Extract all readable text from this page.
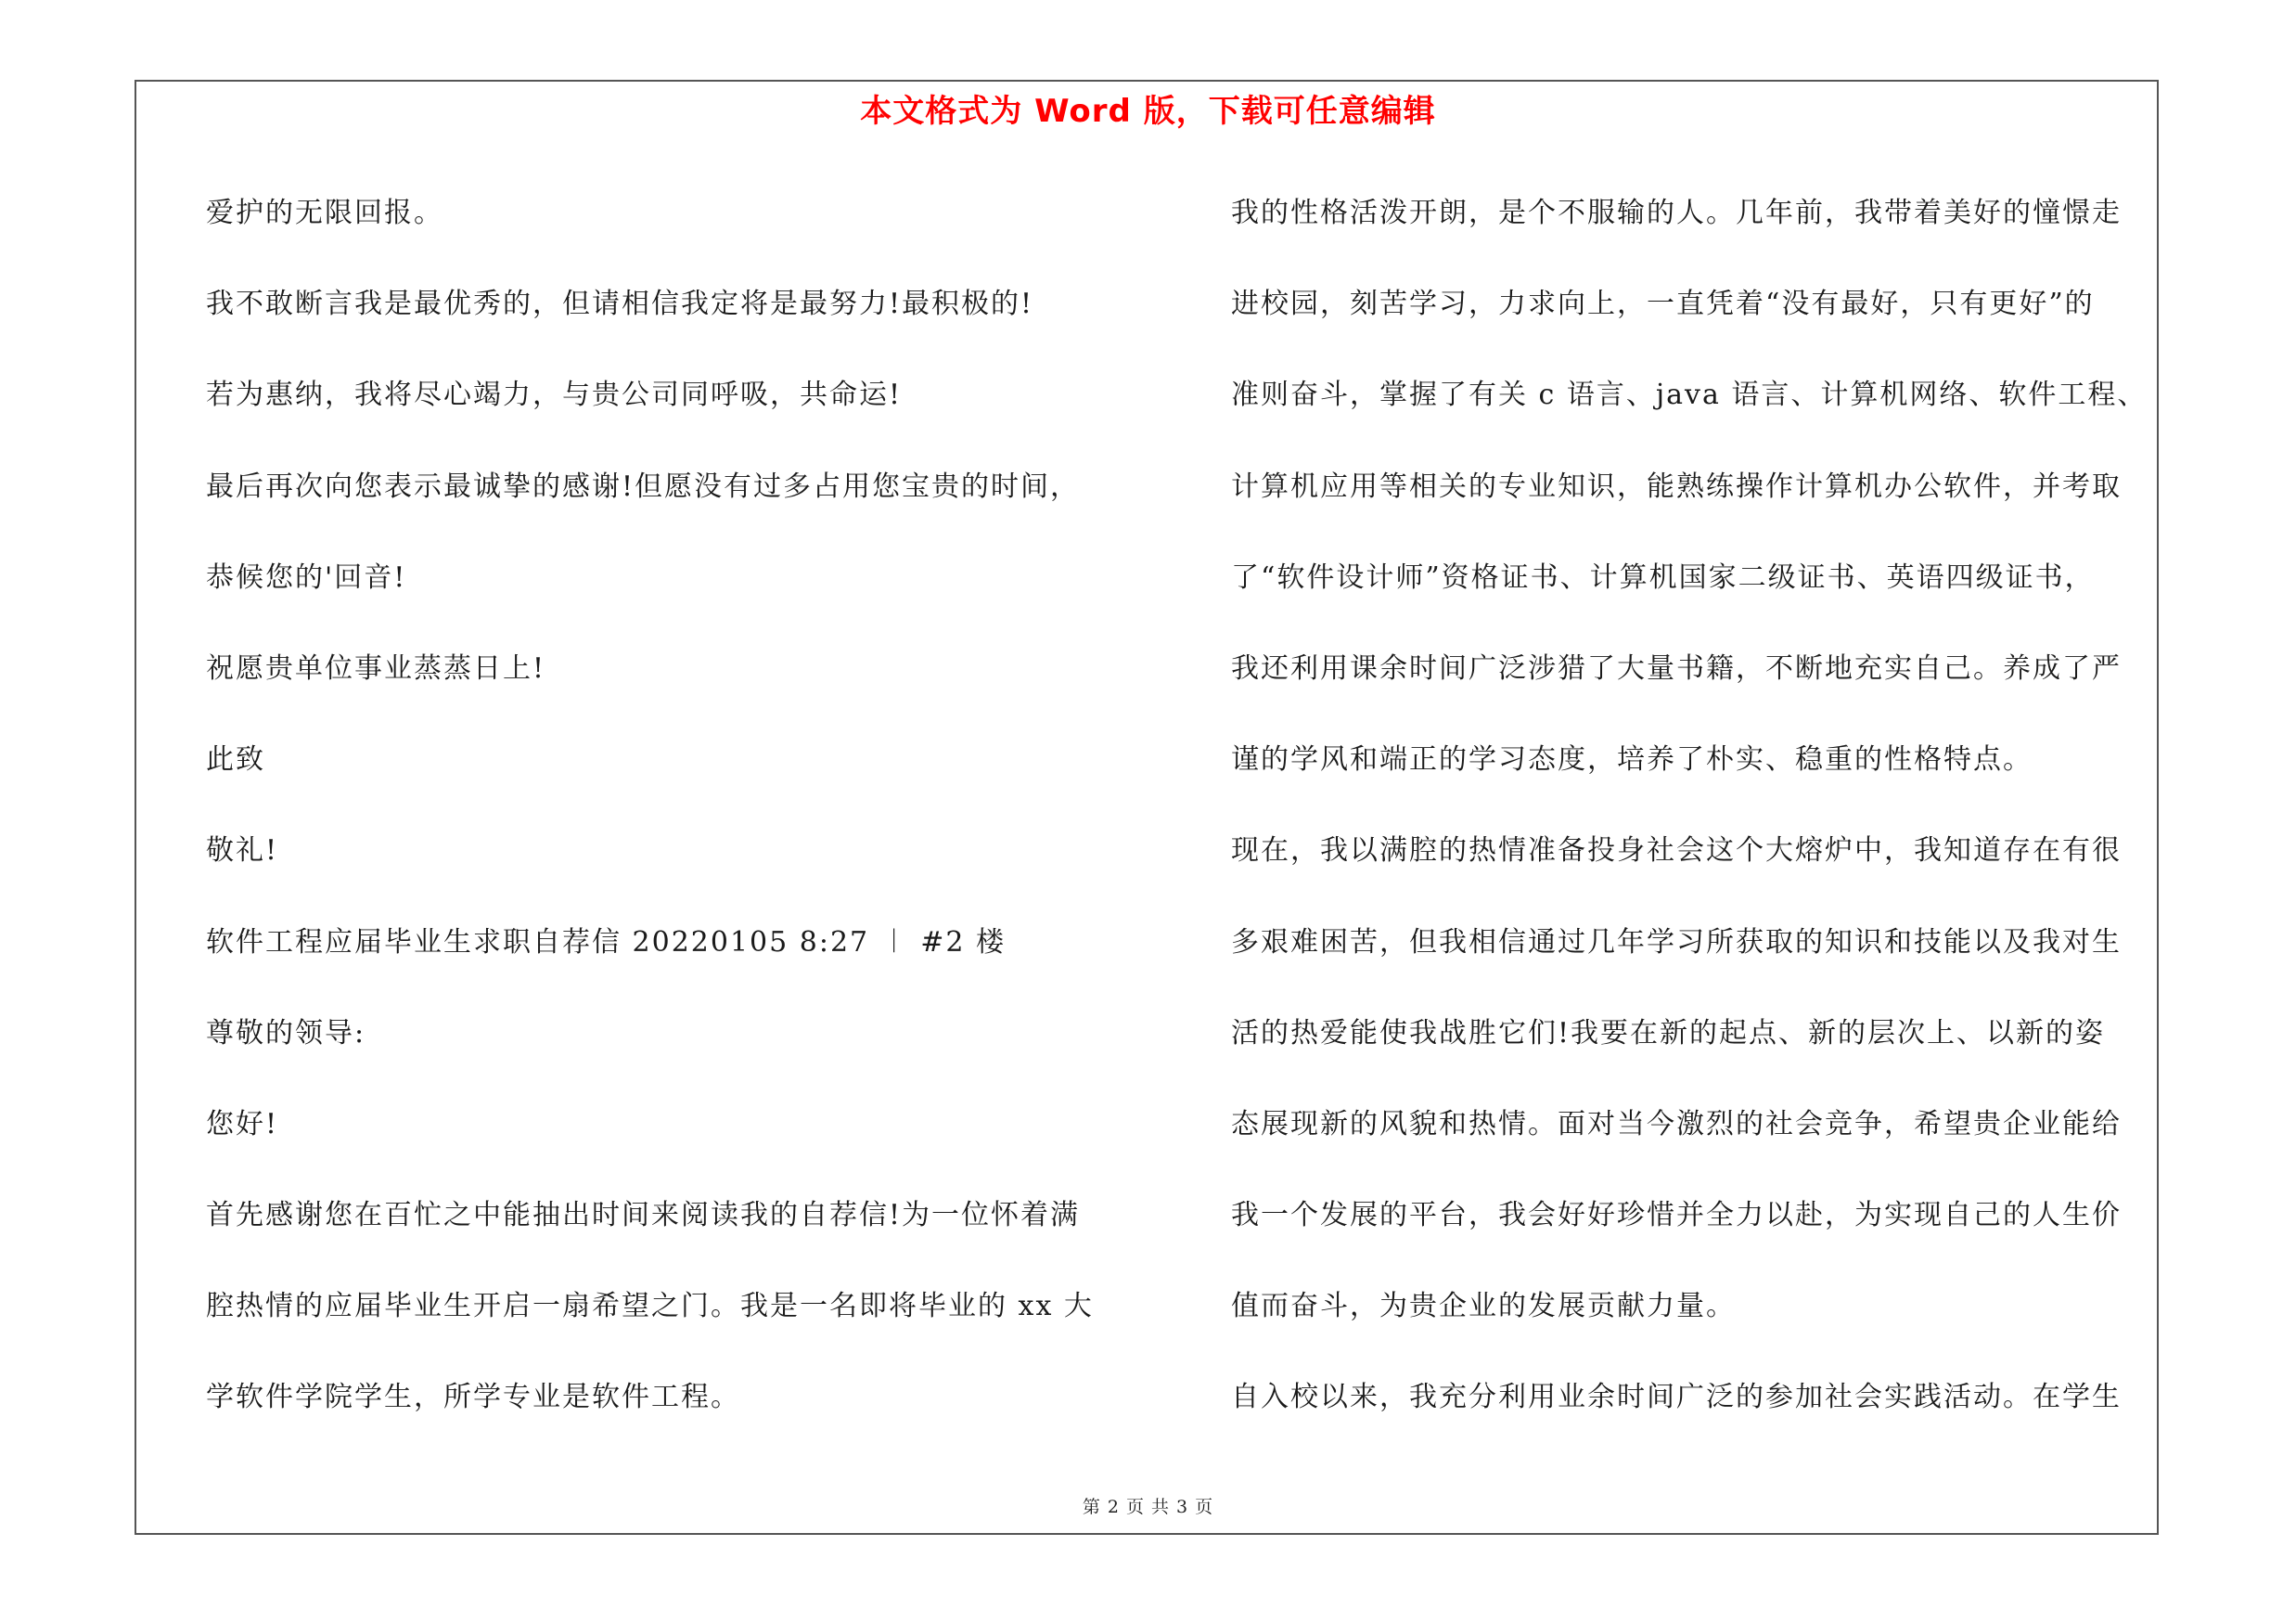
本文格式为 Word 版，下载可任意编辑
爱护的无限回报。
我不敢断言我是最优秀的，但请相信我定将是最努力!最积极的!
若为惠纳，我将尽心竭力，与贵公司同呼吸，共命运!
最后再次向您表示最诚挚的感谢!但愿没有过多占用您宝贵的时间，
恭候您的'回音!
祝愿贵单位事业蒸蒸日上!
此致
敬礼!
软件工程应届毕业生求职自荐信 20220105 8:27 ︱ #2 楼
尊敬的领导:
您好!
首先感谢您在百忙之中能抽出时间来阅读我的自荐信!为一位怀着满
腔热情的应届毕业生开启一扇希望之门。我是一名即将毕业的 xx 大
学软件学院学生，所学专业是软件工程。
我的性格活泼开朗，是个不服输的人。几年前，我带着美好的憧憬走
进校园，刻苦学习，力求向上，一直凭着“没有最好，只有更好”的
准则奋斗，掌握了有关 c 语言、java 语言、计算机网络、软件工程、
计算机应用等相关的专业知识，能熟练操作计算机办公软件，并考取
了“软件设计师”资格证书、计算机国家二级证书、英语四级证书，
我还利用课余时间广泛涉猎了大量书籍，不断地充实自己。养成了严
谨的学风和端正的学习态度，培养了朴实、稳重的性格特点。
现在，我以满腔的热情准备投身社会这个大熔炉中，我知道存在有很
多艰难困苦，但我相信通过几年学习所获取的知识和技能以及我对生
活的热爱能使我战胜它们!我要在新的起点、新的层次上、以新的姿
态展现新的风貌和热情。面对当今激烈的社会竞争，希望贵企业能给
我一个发展的平台，我会好好珍惜并全力以赴，为实现自己的人生价
值而奋斗，为贵企业的发展贡献力量。
自入校以来，我充分利用业余时间广泛的参加社会实践活动。在学生
第 2 页 共 3 页
